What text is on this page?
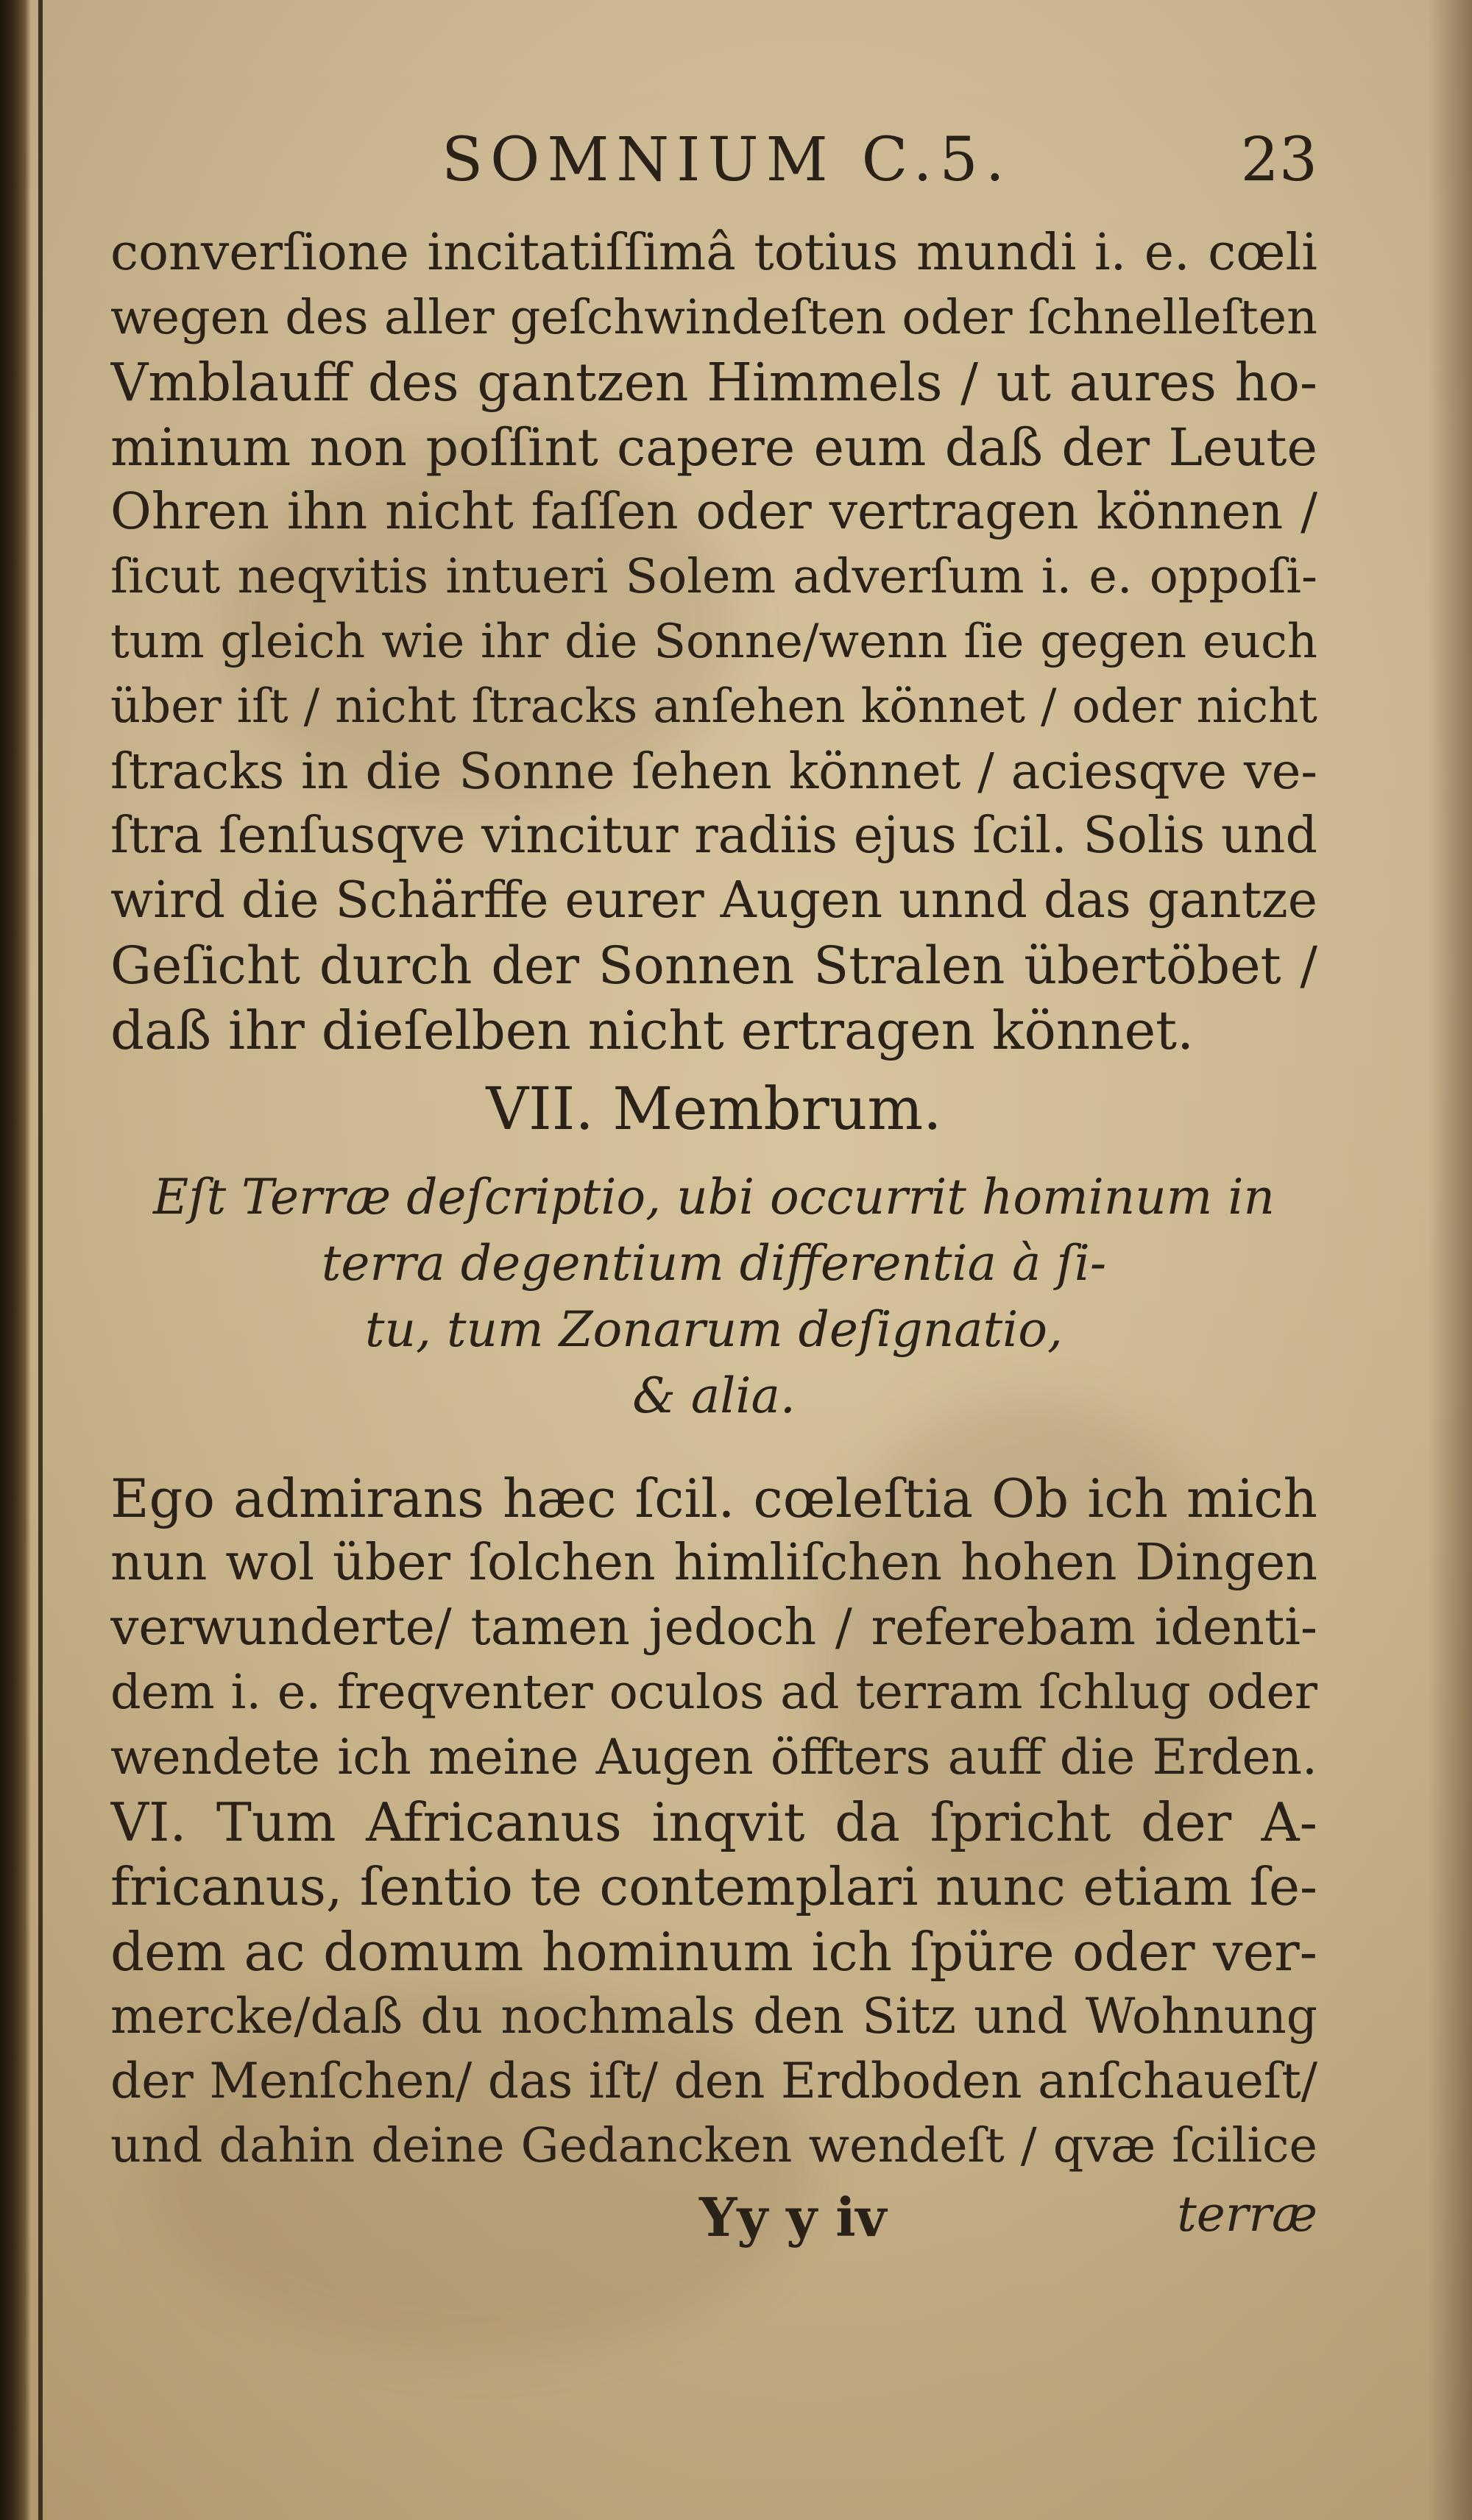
SOMNIUM C.5.	23
converſione incitatiſſimâ totius mundi i. e. cœli
wegen des aller geſchwindeſten oder ſchnelleſten
Vmblauff des gantzen Himmels / ut aures ho-
minum non poſſint capere eum daß der Leute
Ohren ihn nicht faſſen oder vertragen können /
ſicut neqvitis intueri Solem adverſum i. e. oppoſi-
tum gleich wie ihr die Sonne/wenn ſie gegen euch
über iſt / nicht ſtracks anſehen könnet / oder nicht
ſtracks in die Sonne ſehen könnet / aciesqve ve-
ſtra ſenſusqve vincitur radiis ejus ſcil. Solis und
wird die Schärffe eurer Augen unnd das gantze
Geſicht durch der Sonnen Stralen übertöbet /
daß ihr dieſelben nicht ertragen könnet.
VII. Membrum.
Eſt Terræ deſcriptio, ubi occurrit hominum in
terra degentium differentia à ſi-
tu, tum Zonarum deſignatio,
& alia.
Ego admirans hæc ſcil. cœleſtia Ob ich mich
nun wol über ſolchen himliſchen hohen Dingen
verwunderte/ tamen jedoch / referebam identi-
dem i. e. freqventer oculos ad terram ſchlug oder
wendete ich meine Augen öffters auff die Erden.
VI. Tum Africanus inqvit da ſpricht der A-
fricanus, ſentio te contemplari nunc etiam ſe-
dem ac domum hominum ich ſpüre oder ver-
mercke/daß du nochmals den Sitz und Wohnung
der Menſchen/ das iſt/ den Erdboden anſchaueſt/
und dahin deine Gedancken wendeſt / qvæ ſcilice
Yy y iv	terræ
